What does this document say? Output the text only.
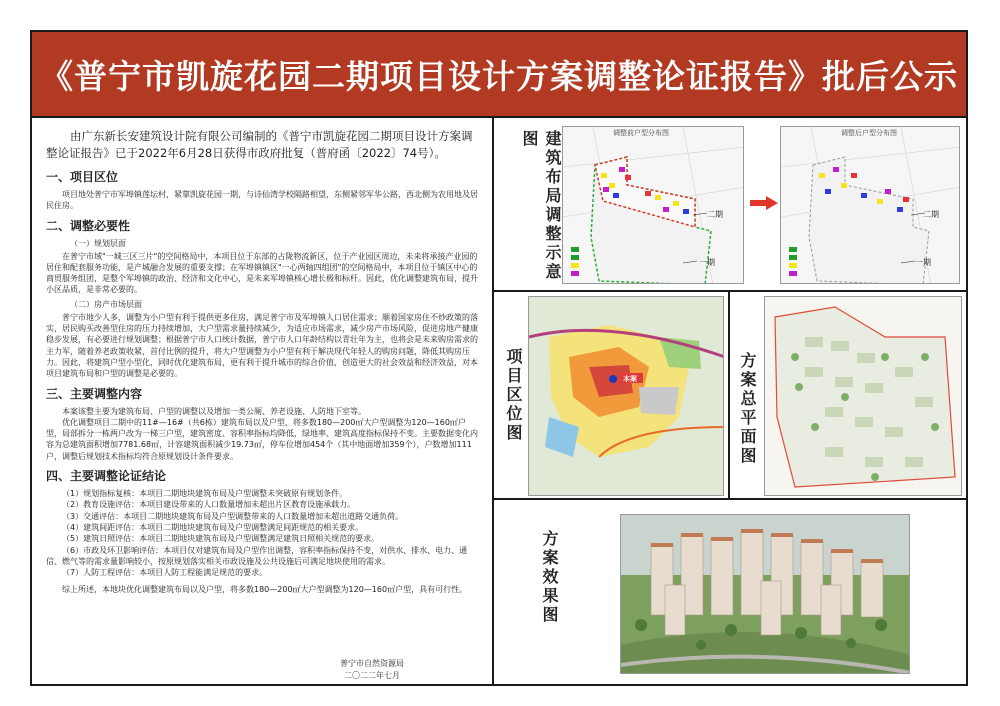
《普宁市凯旋花园二期项目设计方案调整论证报告》批后公示

由广东新长安建筑设计院有限公司编制的《普宁市凯旋花园二期项目设计方案调整论证报告》已于2022年6月28日获得市政府批复（普府函〔2022〕74号）。

一、项目区位

项目地处普宁市军埠镇莲坛村，紧靠凯旋花园一期，与诗仙湾学校隔路相望，东侧紧邻军华公路，西北侧为农用地及居民住房。

二、调整必要性
（一）规划层面

在普宁市域"一城三区三片"的空间格局中，本项目位于东部的占陇物流新区，位于产业园区周边，未来将承接产业园的居住和配套服务功能，是产城融合发展的重要支撑；在军埠镇镇区"一心两轴四组团"的空间格局中，本项目位于镇区中心的商贸服务组团，是整个军埠镇的政治、经济和文化中心，是未来军埠镇核心增长极和标杆。因此，优化调整建筑布局，提升小区品质，是非常必要的。

（二）房产市场层面

普宁市地少人多，调整为小户型有利于提供更多住房，满足普宁市及军埠镇人口居住需求；顺着国家房住不炒政策的落实，居民购买改善型住房的压力持续增加，大户型需求量持续减少，为适应市场需求，减少房产市场风险，促进房地产健康稳步发展，有必要进行规划调整；根据普宁市人口统计数据，普宁市人口年龄结构以青壮年为主，也将会是未来购房需求的主力军，随着养老政策收紧，首付比例的提升，将大户型调整为小户型有利于解决现代年轻人的购房问题，降低其购房压力。因此，将建筑户型小型化，同时优化建筑布局，更有利于提升城市的综合价值，创造更大的社会效益和经济效益，对本项目建筑布局和户型的调整是必要的。

三、主要调整内容

本案该整主要为建筑布局、户型的调整以及增加一类公厕、养老设施、人防地下室等。

优化调整项目二期中的11#—16#（共6栋）建筑布局以及户型，将多数180—200㎡大户型调整为120—160㎡户型，局部拆分一栋两户改为一梯三户型，建筑密度、容积率指标均降低，绿地率、建筑高度指标保持不变。主要数据变化内容为总建筑面积增加7781.68㎡，计容建筑面积减少19.73㎡，停车位增加454个（其中地面增加359个），户数增加111户，调整后规划技术指标均符合原规划设计条件要求。

四、主要调整论证结论

（1）规划指标复核：本项目二期地块建筑布局及户型调整未突破原有规划条件。

（2）教育设施评估：本项目建设带来的人口数量增加未超出片区教育设施承载力。

（3）交通评估：本项目二期地块建筑布局及户型调整带来的人口数量增加未超出道路交通负荷。

（4）建筑间距评估：本项目二期地块建筑布局及户型调整满足间距规范的相关要求。

（5）建筑日照评估：本项目二期地块建筑布局及户型调整满足建筑日照相关规范的要求。

（6）市政及环卫影响评估：本项目仅对建筑布局及户型作出调整，容积率指标保持不变，对供水、排水、电力、通信、燃气等的需求量影响较小，按原规划落实相关市政设施及公共设施后可满足地块使用的需求。

（7）人防工程评估：本项目人防工程能满足规范的要求。

综上所述，本地块优化调整建筑布局以及户型，将多数180—200㎡大户型调整为120—160㎡户型，具有可行性。

普宁市自然资源局
二〇二二年七月
建筑布局调整示意图	调整前户型分布图
二期
一期
调整后户型分布图
二期
一期
项目区位图	本案	方案总平面图
方案效果图
